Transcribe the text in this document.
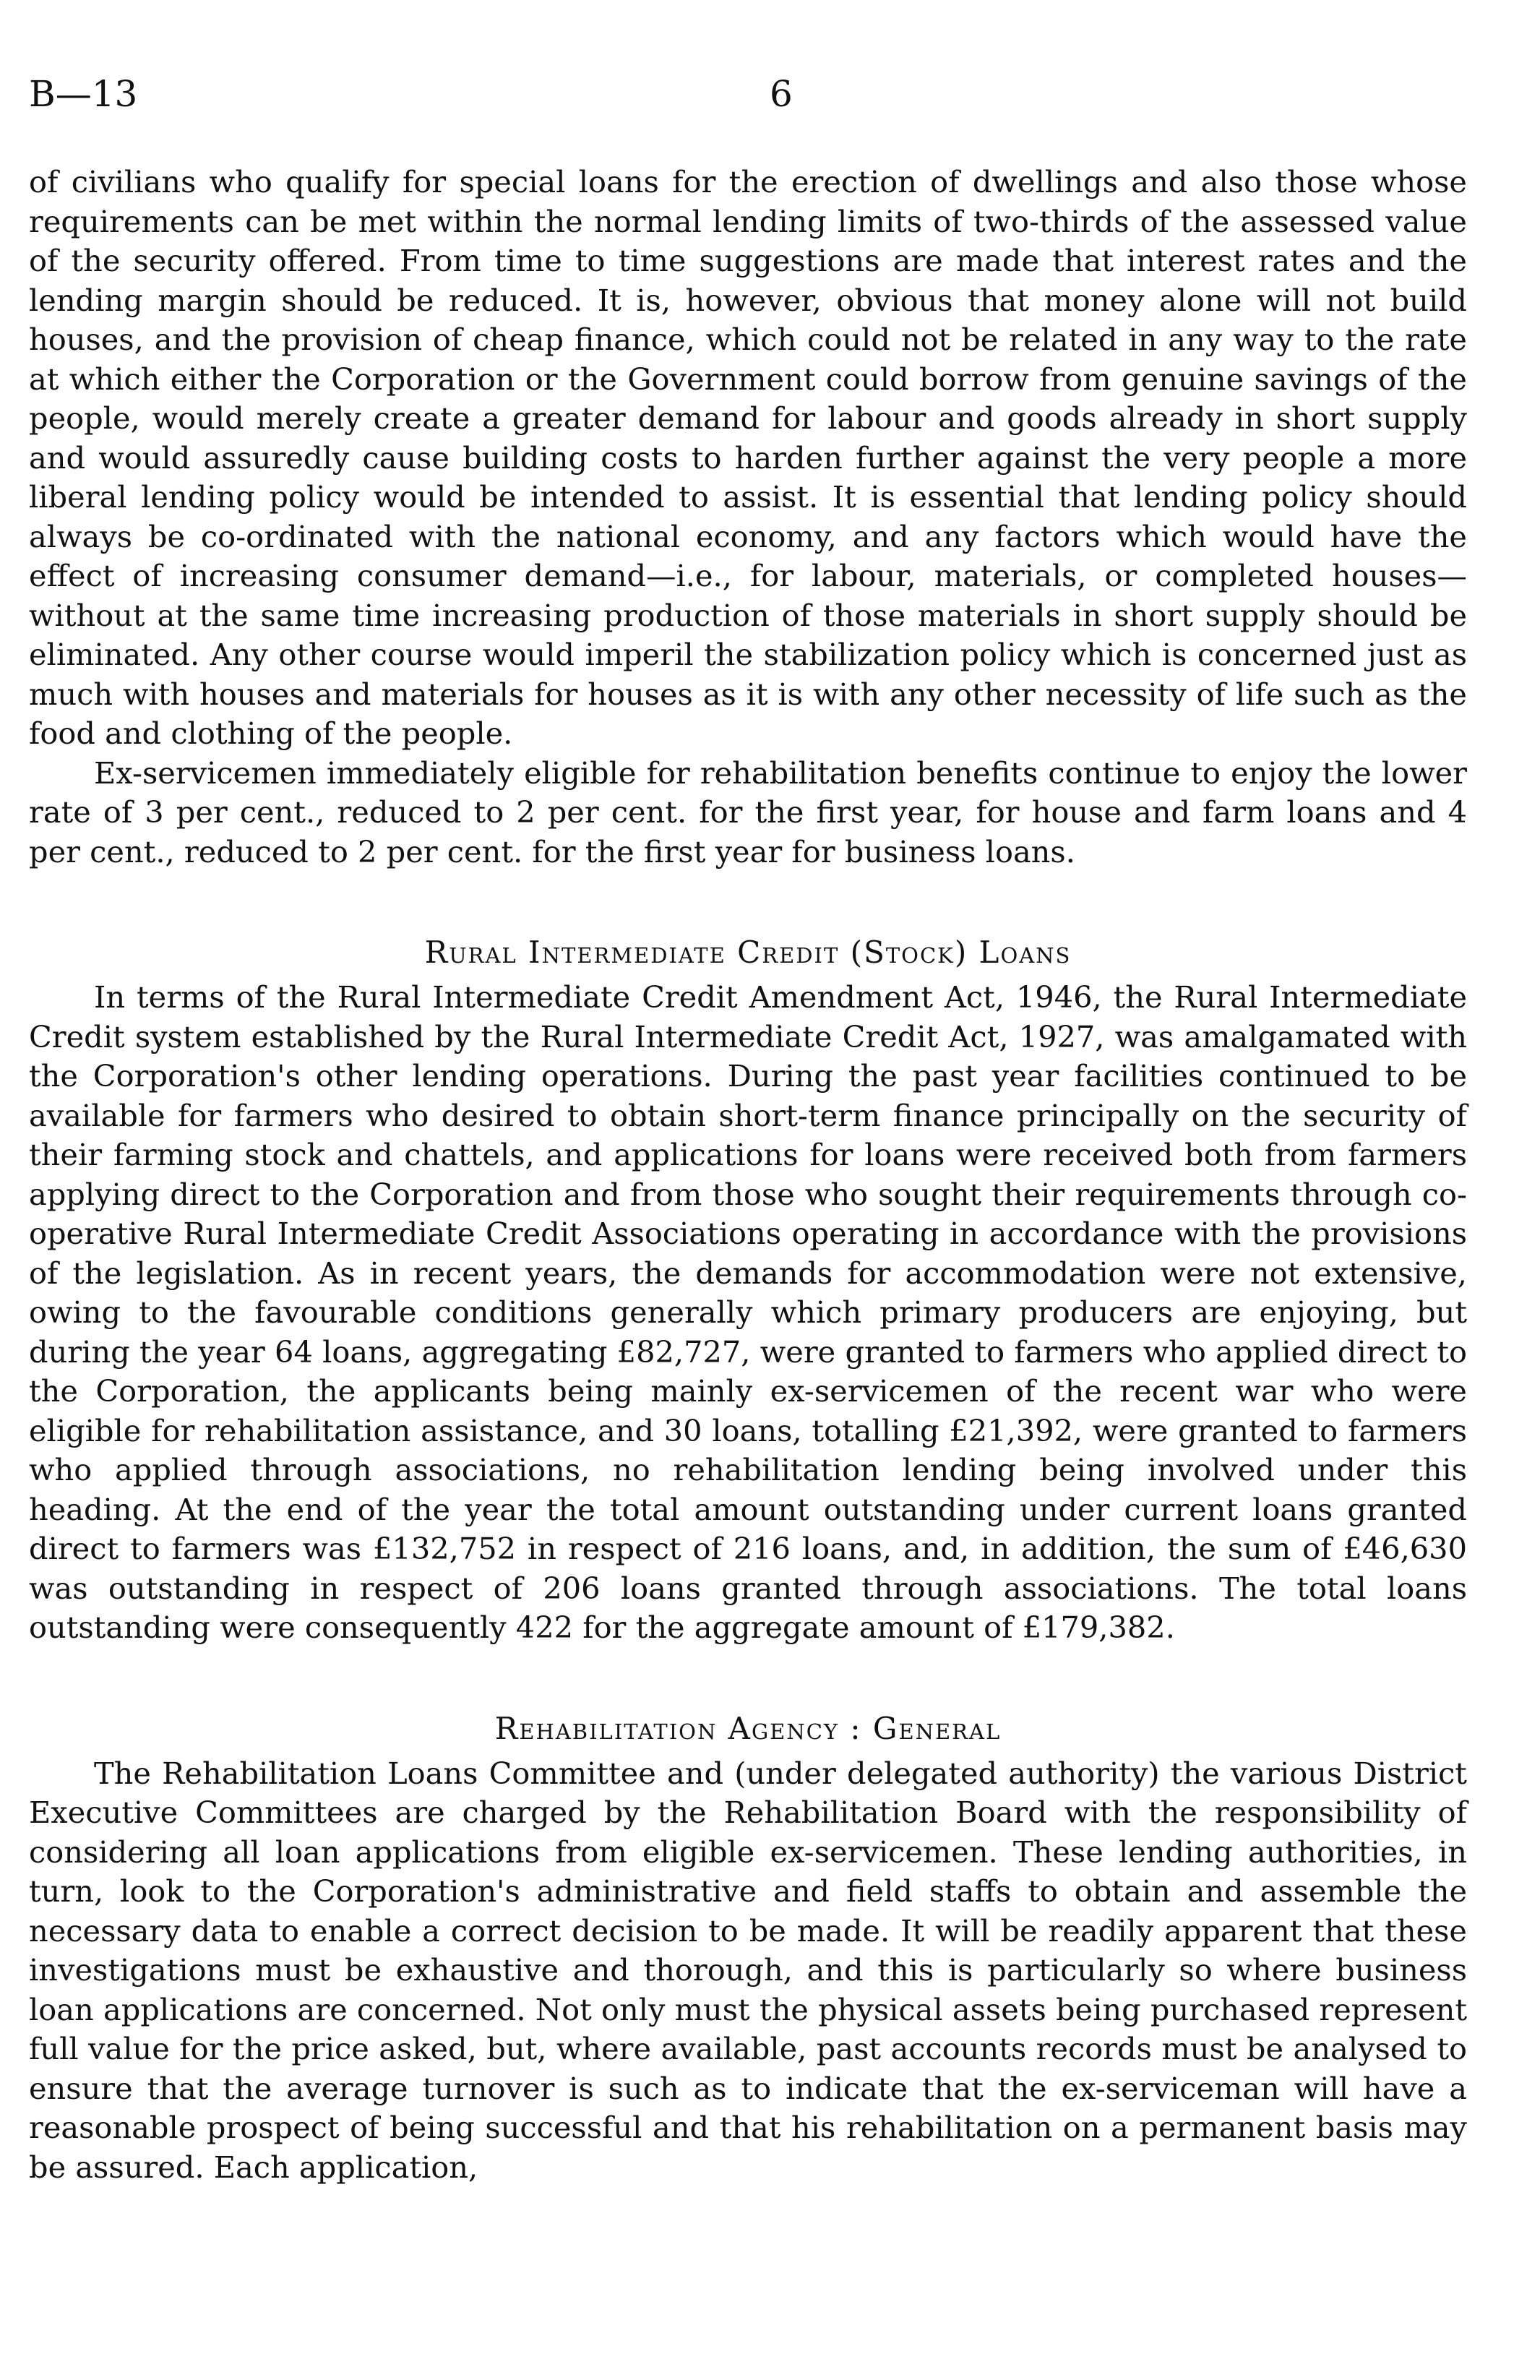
B—13	6

of civilians who qualify for special loans for the erection of dwellings and also those whose requirements can be met within the normal lending limits of two-thirds of the assessed value of the security offered. From time to time suggestions are made that interest rates and the lending margin should be reduced. It is, however, obvious that money alone will not build houses, and the provision of cheap finance, which could not be related in any way to the rate at which either the Corporation or the Government could borrow from genuine savings of the people, would merely create a greater demand for labour and goods already in short supply and would assuredly cause building costs to harden further against the very people a more liberal lending policy would be intended to assist. It is essential that lending policy should always be co-ordinated with the national economy, and any factors which would have the effect of increasing consumer demand—i.e., for labour, materials, or completed houses—without at the same time increasing production of those materials in short supply should be eliminated. Any other course would imperil the stabilization policy which is concerned just as much with houses and materials for houses as it is with any other necessity of life such as the food and clothing of the people.

Ex-servicemen immediately eligible for rehabilitation benefits continue to enjoy the lower rate of 3 per cent., reduced to 2 per cent. for the first year, for house and farm loans and 4 per cent., reduced to 2 per cent. for the first year for business loans.

Rural Intermediate Credit (Stock) Loans

In terms of the Rural Intermediate Credit Amendment Act, 1946, the Rural Intermediate Credit system established by the Rural Intermediate Credit Act, 1927, was amalgamated with the Corporation's other lending operations. During the past year facilities continued to be available for farmers who desired to obtain short-term finance principally on the security of their farming stock and chattels, and applications for loans were received both from farmers applying direct to the Corporation and from those who sought their requirements through co-operative Rural Intermediate Credit Associations operating in accordance with the provisions of the legislation. As in recent years, the demands for accommodation were not extensive, owing to the favourable conditions generally which primary producers are enjoying, but during the year 64 loans, aggregating £82,727, were granted to farmers who applied direct to the Corporation, the applicants being mainly ex-servicemen of the recent war who were eligible for rehabilitation assistance, and 30 loans, totalling £21,392, were granted to farmers who applied through associations, no rehabilitation lending being involved under this heading. At the end of the year the total amount outstanding under current loans granted direct to farmers was £132,752 in respect of 216 loans, and, in addition, the sum of £46,630 was outstanding in respect of 206 loans granted through associations. The total loans outstanding were consequently 422 for the aggregate amount of £179,382.

Rehabilitation Agency : General

The Rehabilitation Loans Committee and (under delegated authority) the various District Executive Committees are charged by the Rehabilitation Board with the responsibility of considering all loan applications from eligible ex-servicemen. These lending authorities, in turn, look to the Corporation's administrative and field staffs to obtain and assemble the necessary data to enable a correct decision to be made. It will be readily apparent that these investigations must be exhaustive and thorough, and this is particularly so where business loan applications are concerned. Not only must the physical assets being purchased represent full value for the price asked, but, where available, past accounts records must be analysed to ensure that the average turnover is such as to indicate that the ex-serviceman will have a reasonable prospect of being successful and that his rehabilitation on a permanent basis may be assured. Each application,
